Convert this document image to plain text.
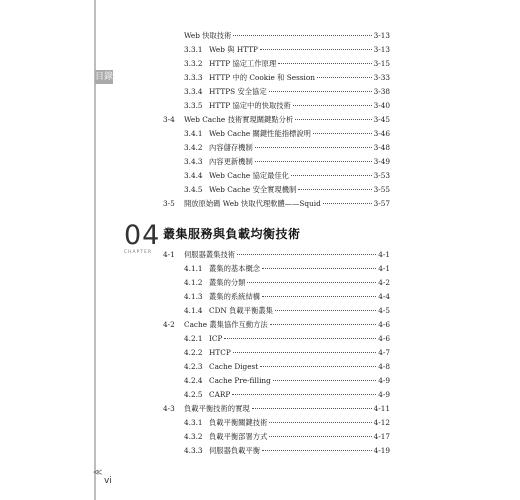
目錄
Web 快取技術	3-13
3.3.1 Web 與 HTTP	3-13
3.3.2 HTTP 協定工作原理	3-15
3.3.3 HTTP 中的 Cookie 和 Session	3-33
3.3.4 HTTPS 安全協定	3-38
3.3.5 HTTP 協定中的快取技術	3-40
3-4	Web Cache 技術實現關鍵點分析	3-45
3.4.1 Web Cache 關鍵性能指標說明	3-46
3.4.2 內容儲存機制	3-48
3.4.3 內容更新機制	3-49
3.4.4 Web Cache 協定最佳化	3-53
3.4.5 Web Cache 安全實現機制	3-55
3-5	開放原始碼 Web 快取代理軟體——Squid	3-57
04
CHAPTER
叢集服務與負載均衡技術
4-1	伺服器叢集技術	4-1
4.1.1 叢集的基本概念	4-1
4.1.2 叢集的分類	4-2
4.1.3 叢集的系統結構	4-4
4.1.4 CDN 負載平衡叢集	4-5
4-2	Cache 叢集協作互動方法	4-6
4.2.1 ICP	4-6
4.2.2 HTCP	4-7
4.2.3 Cache Digest	4-8
4.2.4 Cache Pre-filling	4-9
4.2.5 CARP	4-9
4-3	負載平衡技術的實現	4-11
4.3.1 負載平衡關鍵技術	4-12
4.3.2 負載平衡部署方式	4-17
4.3.3 伺服器負載平衡	4-19
≪
vi
